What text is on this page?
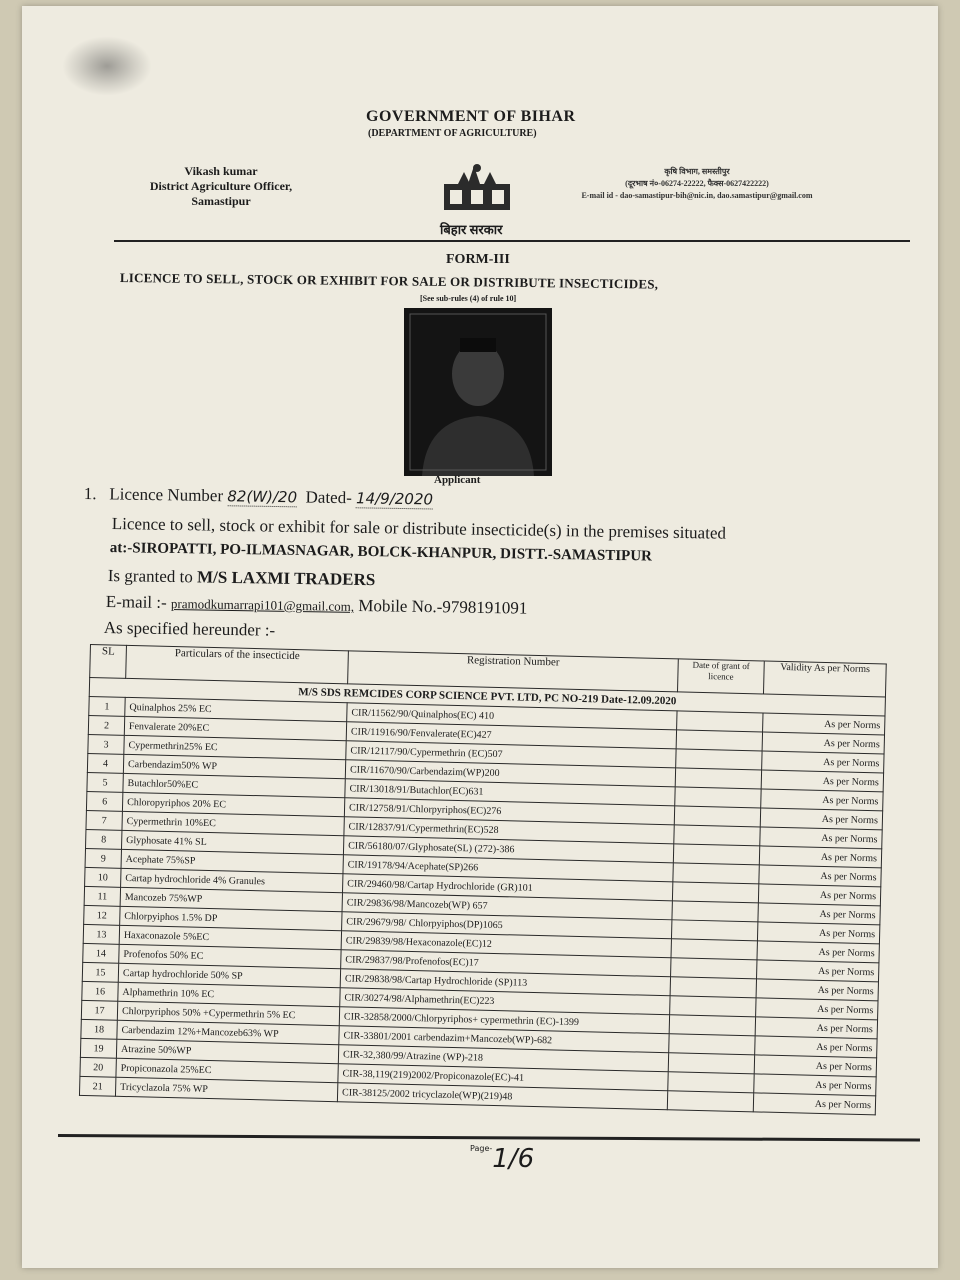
GOVERNMENT OF BIHAR
(DEPARTMENT OF AGRICULTURE)
Vikash kumar
District Agriculture Officer,
Samastipur
बिहार सरकार
कृषि विभाग, समस्तीपुर
(दूरभाष नं०-06274-22222, फैक्स-0627422222)
E-mail id - dao-samastipur-bih@nic.in, dao.samastipur@gmail.com
FORM-III
LICENCE TO SELL, STOCK OR EXHIBIT FOR SALE OR DISTRIBUTE INSECTICIDES,
[See sub-rules (4) of rule 10]
Applicant
1. Licence Number 82(W)/20 Dated- 14/9/2020
Licence to sell, stock or exhibit for sale or distribute insecticide(s) in the premises situated
at:-SIROPATTI, PO-ILMASNAGAR, BOLCK-KHANPUR, DISTT.-SAMASTIPUR
Is granted to M/S LAXMI TRADERS
E-mail :- pramodkumarrapi101@gmail.com, Mobile No.-9798191091
As specified hereunder :-
SL	Particulars of the insecticide	Registration Number	Date of grant of licence	Validity As per Norms
M/S SDS REMCIDES CORP SCIENCE PVT. LTD, PC NO-219 Date-12.09.2020				
1	Quinalphos 25% EC	CIR/11562/90/Quinalphos(EC) 410		As per Norms
2	Fenvalerate 20%EC	CIR/11916/90/Fenvalerate(EC)427		As per Norms
3	Cypermethrin25% EC	CIR/12117/90/Cypermethrin (EC)507		As per Norms
4	Carbendazim50% WP	CIR/11670/90/Carbendazim(WP)200		As per Norms
5	Butachlor50%EC	CIR/13018/91/Butachlor(EC)631		As per Norms
6	Chloropyriphos 20% EC	CIR/12758/91/Chlorpyriphos(EC)276		As per Norms
7	Cypermethrin 10%EC	CIR/12837/91/Cypermethrin(EC)528		As per Norms
8	Glyphosate 41% SL	CIR/56180/07/Glyphosate(SL) (272)-386		As per Norms
9	Acephate 75%SP	CIR/19178/94/Acephate(SP)266		As per Norms
10	Cartap hydrochloride 4% Granules	CIR/29460/98/Cartap Hydrochloride (GR)101		As per Norms
11	Mancozeb 75%WP	CIR/29836/98/Mancozeb(WP) 657		As per Norms
12	Chlorpyiphos 1.5% DP	CIR/29679/98/ Chlorpyiphos(DP)1065		As per Norms
13	Haxaconazole 5%EC	CIR/29839/98/Hexaconazole(EC)12		As per Norms
14	Profenofos 50% EC	CIR/29837/98/Profenofos(EC)17		As per Norms
15	Cartap hydrochloride 50% SP	CIR/29838/98/Cartap Hydrochloride (SP)113		As per Norms
16	Alphamethrin 10% EC	CIR/30274/98/Alphamethrin(EC)223		As per Norms
17	Chlorpyriphos 50% +Cypermethrin 5% EC	CIR-32858/2000/Chlorpyriphos+ cypermethrin (EC)-1399		As per Norms
18	Carbendazim 12%+Mancozeb63% WP	CIR-33801/2001 carbendazim+Mancozeb(WP)-682		As per Norms
19	Atrazine 50%WP	CIR-32,380/99/Atrazine (WP)-218		As per Norms
20	Propiconazola 25%EC	CIR-38,119(219)2002/Propiconazole(EC)-41		As per Norms
21	Tricyclazola 75% WP	CIR-38125/2002 tricyclazole(WP)(219)48		As per Norms
$^{Page-}$1/6
